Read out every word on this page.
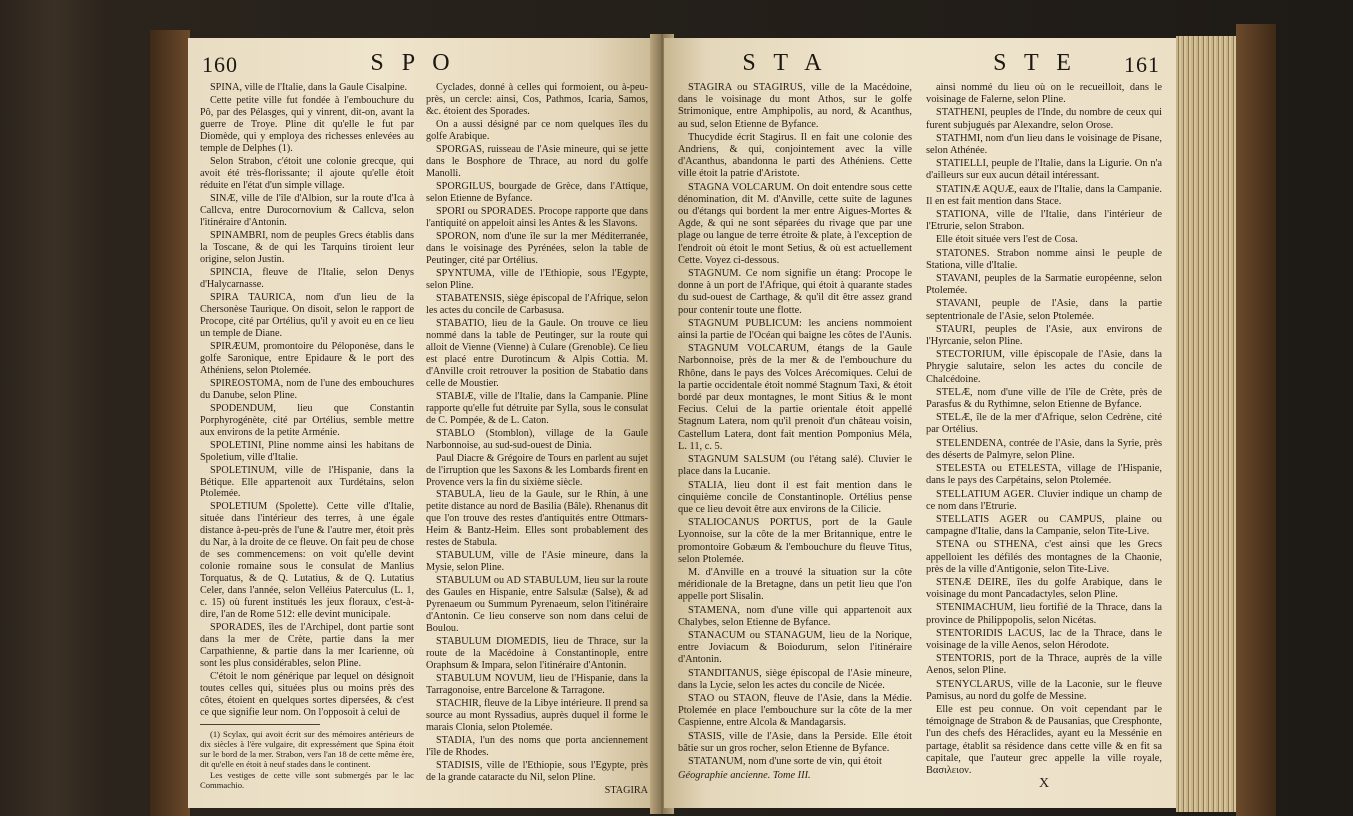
160	S P O

SPINA, ville de l'Italie, dans la Gaule Cisalpine.

Cette petite ville fut fondée à l'embouchure du Pô, par des Pélasges, qui y vinrent, dit-on, avant la guerre de Troye. Pline dit qu'elle le fut par Diomède, qui y employa des richesses enlevées au temple de Delphes (1).

Selon Strabon, c'étoit une colonie grecque, qui avoit été très-florissante; il ajoute qu'elle étoit réduite en l'état d'un simple village.

SINÆ, ville de l'île d'Albion, sur la route d'Ica à Callcva, entre Durocornovium & Callcva, selon l'itinéraire d'Antonin.

SPINAMBRI, nom de peuples Grecs établis dans la Toscane, & de qui les Tarquins tiroient leur origine, selon Justin.

SPINCIA, fleuve de l'Italie, selon Denys d'Halycarnasse.

SPIRA TAURICA, nom d'un lieu de la Chersonèse Taurique. On disoit, selon le rapport de Procope, cité par Ortélius, qu'il y avoit eu en ce lieu un temple de Diane.

SPIRÆUM, promontoire du Péloponèse, dans le golfe Saronique, entre Epidaure & le port des Athéniens, selon Ptolemée.

SPIREOSTOMA, nom de l'une des embouchures du Danube, selon Pline.

SPODENDUM, lieu que Constantin Porphyrogénète, cité par Ortélius, semble mettre aux environs de la petite Arménie.

SPOLETINI, Pline nomme ainsi les habitans de Spoletium, ville d'Italie.

SPOLETINUM, ville de l'Hispanie, dans la Bétique. Elle appartenoit aux Turdétains, selon Ptolemée.

SPOLETIUM (Spolette). Cette ville d'Italie, située dans l'intérieur des terres, à une égale distance à-peu-près de l'une & l'autre mer, étoit près du Nar, à la droite de ce fleuve. On fait peu de chose de ses commencemens: on voit qu'elle devint colonie romaine sous le consulat de Manlius Torquatus, & de Q. Lutatius, & de Q. Lutatius Celer, dans l'année, selon Velléius Paterculus (L. 1, c. 15) où furent institués les jeux floraux, c'est-à-dire, l'an de Rome 512: elle devint municipale.

SPORADES, îles de l'Archipel, dont partie sont dans la mer de Crète, partie dans la mer Carpathienne, & partie dans la mer Icarienne, où sont les plus considérables, selon Pline.

C'étoit le nom générique par lequel on désignoit toutes celles qui, situées plus ou moins près des côtes, étoient en quelques sortes dipersées, & c'est ce que signifie leur nom. On l'opposoit à celui de

(1) Scylax, qui avoit écrit sur des mémoires antérieurs de dix siècles à l'ère vulgaire, dit expressément que Spina étoit sur le bord de la mer. Strabon, vers l'an 18 de cette même ère, dit qu'elle en étoit à neuf stades dans le continent.

Les vestiges de cette ville sont submergés par le lac Commachio.

Cyclades, donné à celles qui formoient, ou à-peu-près, un cercle: ainsi, Cos, Pathmos, Icaria, Samos, &c. étoient des Sporades.

On a aussi désigné par ce nom quelques îles du golfe Arabique.

SPORGAS, ruisseau de l'Asie mineure, qui se jette dans le Bosphore de Thrace, au nord du golfe Manolli.

SPORGILUS, bourgade de Grèce, dans l'Attique, selon Etienne de Byfance.

SPORI ou SPORADES. Procope rapporte que dans l'antiquité on appeloit ainsi les Antes & les Slavons.

SPORON, nom d'une île sur la mer Méditerranée, dans le voisinage des Pyrénées, selon la table de Peutinger, cité par Ortélius.

SPYNTUMA, ville de l'Ethiopie, sous l'Egypte, selon Pline.

STABATENSIS, siège épiscopal de l'Afrique, selon les actes du concile de Carbasusa.

STABATIO, lieu de la Gaule. On trouve ce lieu nommé dans la table de Peutinger, sur la route qui alloit de Vienne (Vienne) à Culare (Grenoble). Ce lieu est placé entre Durotincum & Alpis Cottia. M. d'Anville croit retrouver la position de Stabatio dans celle de Moustier.

STABIÆ, ville de l'Italie, dans la Campanie. Pline rapporte qu'elle fut détruite par Sylla, sous le consulat de C. Pompée, & de L. Caton.

STABLO (Stomblon), village de la Gaule Narbonnoise, au sud-sud-ouest de Dinia.

Paul Diacre & Grégoire de Tours en parlent au sujet de l'irruption que les Saxons & les Lombards firent en Provence vers la fin du sixième siècle.

STABULA, lieu de la Gaule, sur le Rhin, à une petite distance au nord de Basilia (Bâle). Rhenanus dit que l'on trouve des restes d'antiquités entre Ottmars-Heim & Bantz-Heim. Elles sont probablement des restes de Stabula.

STABULUM, ville de l'Asie mineure, dans la Mysie, selon Pline.

STABULUM ou AD STABULUM, lieu sur la route des Gaules en Hispanie, entre Salsulæ (Salse), & ad Pyrenaeum ou Summum Pyrenaeum, selon l'itinéraire d'Antonin. Ce lieu conserve son nom dans celui de Boulou.

STABULUM DIOMEDIS, lieu de Thrace, sur la route de la Macédoine à Constantinople, entre Oraphsum & Impara, selon l'itinéraire d'Antonin.

STABULUM NOVUM, lieu de l'Hispanie, dans la Tarragonoise, entre Barcelone & Tarragone.

STACHIR, fleuve de la Libye intérieure. Il prend sa source au mont Ryssadius, auprès duquel il forme le marais Clonia, selon Ptolemée.

STADIA, l'un des noms que porta anciennement l'île de Rhodes.

STADISIS, ville de l'Ethiopie, sous l'Egypte, près de la grande cataracte du Nil, selon Pline.

STAGIRA
S T A	S T E	161

STAGIRA ou STAGIRUS, ville de la Macédoine, dans le voisinage du mont Athos, sur le golfe Strimonique, entre Amphipolis, au nord, & Acanthus, au sud, selon Etienne de Byfance.

Thucydide écrit Stagirus. Il en fait une colonie des Andriens, & qui, conjointement avec la ville d'Acanthus, abandonna le parti des Athéniens. Cette ville étoit la patrie d'Aristote.

STAGNA VOLCARUM. On doit entendre sous cette dénomination, dit M. d'Anville, cette suite de lagunes ou d'étangs qui bordent la mer entre Aigues-Mortes & Agde, & qui ne sont séparées du rivage que par une plage ou langue de terre étroite & plate, à l'exception de l'endroit où étoit le mont Setius, & où est actuellement Cette. Voyez ci-dessous.

STAGNUM. Ce nom signifie un étang: Procope le donne à un port de l'Afrique, qui étoit à quarante stades du sud-ouest de Carthage, & qu'il dit être assez grand pour contenir toute une flotte.

STAGNUM PUBLICUM: les anciens nommoient ainsi la partie de l'Océan qui baigne les côtes de l'Aunis.

STAGNUM VOLCARUM, étangs de la Gaule Narbonnoise, près de la mer & de l'embouchure du Rhône, dans le pays des Volces Arécomiques. Celui de la partie occidentale étoit nommé Stagnum Taxi, & étoit bordé par deux montagnes, le mont Sitius & le mont Fecius. Celui de la partie orientale étoit appellé Stagnum Latera, nom qu'il prenoit d'un château voisin, Castellum Latera, dont fait mention Pomponius Méla, L. 11, c. 5.

STAGNUM SALSUM (ou l'étang salé). Cluvier le place dans la Lucanie.

STALIA, lieu dont il est fait mention dans le cinquième concile de Constantinople. Ortélius pense que ce lieu devoit être aux environs de la Cilicie.

STALIOCANUS PORTUS, port de la Gaule Lyonnoise, sur la côte de la mer Britannique, entre le promontoire Gobæum & l'embouchure du fleuve Titus, selon Ptolemée.

M. d'Anville en a trouvé la situation sur la côte méridionale de la Bretagne, dans un petit lieu que l'on appelle port Slisalin.

STAMENA, nom d'une ville qui appartenoit aux Chalybes, selon Etienne de Byfance.

STANACUM ou STANAGUM, lieu de la Norique, entre Joviacum & Boiodurum, selon l'itinéraire d'Antonin.

STANDITANUS, siège épiscopal de l'Asie mineure, dans la Lycie, selon les actes du concile de Nicée.

STAO ou STAON, fleuve de l'Asie, dans la Médie. Ptolemée en place l'embouchure sur la côte de la mer Caspienne, entre Alcola & Mandagarsis.

STASIS, ville de l'Asie, dans la Perside. Elle étoit bâtie sur un gros rocher, selon Etienne de Byfance.

STATANUM, nom d'une sorte de vin, qui étoit

Géographie ancienne. Tome III.

ainsi nommé du lieu où on le recueilloit, dans le voisinage de Falerne, selon Pline.

STATHENI, peuples de l'Inde, du nombre de ceux qui furent subjugués par Alexandre, selon Orose.

STATHMI, nom d'un lieu dans le voisinage de Pisane, selon Athénée.

STATIELLI, peuple de l'Italie, dans la Ligurie. On n'a d'ailleurs sur eux aucun détail intéressant.

STATINÆ AQUÆ, eaux de l'Italie, dans la Campanie. Il en est fait mention dans Stace.

STATIONA, ville de l'Italie, dans l'intérieur de l'Etrurie, selon Strabon.

Elle étoit située vers l'est de Cosa.

STATONES. Strabon nomme ainsi le peuple de Stationa, ville d'Italie.

STAVANI, peuples de la Sarmatie européenne, selon Ptolemée.

STAVANI, peuple de l'Asie, dans la partie septentrionale de l'Asie, selon Ptolemée.

STAURI, peuples de l'Asie, aux environs de l'Hyrcanie, selon Pline.

STECTORIUM, ville épiscopale de l'Asie, dans la Phrygie salutaire, selon les actes du concile de Chalcédoine.

STELÆ, nom d'une ville de l'île de Crète, près de Parasfus & du Rythimne, selon Etienne de Byfance.

STELÆ, île de la mer d'Afrique, selon Cedrène, cité par Ortélius.

STELENDENA, contrée de l'Asie, dans la Syrie, près des déserts de Palmyre, selon Pline.

STELESTA ou ETELESTA, village de l'Hispanie, dans le pays des Carpétains, selon Ptolemée.

STELLATIUM AGER. Cluvier indique un champ de ce nom dans l'Etrurie.

STELLATIS AGER ou CAMPUS, plaine ou campagne d'Italie, dans la Campanie, selon Tite-Live.

STENA ou STHENA, c'est ainsi que les Grecs appelloient les défilés des montagnes de la Chaonie, près de la ville d'Antigonie, selon Tite-Live.

STENÆ DEIRE, îles du golfe Arabique, dans le voisinage du mont Pancadactyles, selon Pline.

STENIMACHUM, lieu fortifié de la Thrace, dans la province de Philippopolis, selon Nicétas.

STENTORIDIS LACUS, lac de la Thrace, dans le voisinage de la ville Aenos, selon Hérodote.

STENTORIS, port de la Thrace, auprès de la ville Aenos, selon Pline.

STENYCLARUS, ville de la Laconie, sur le fleuve Pamisus, au nord du golfe de Messine.

Elle est peu connue. On voit cependant par le témoignage de Strabon & de Pausanias, que Cresphonte, l'un des chefs des Héraclides, ayant eu la Messénie en partage, établit sa résidence dans cette ville & en fit sa capitale, que l'auteur grec appelle la ville royale, Βασιλειον.

X
